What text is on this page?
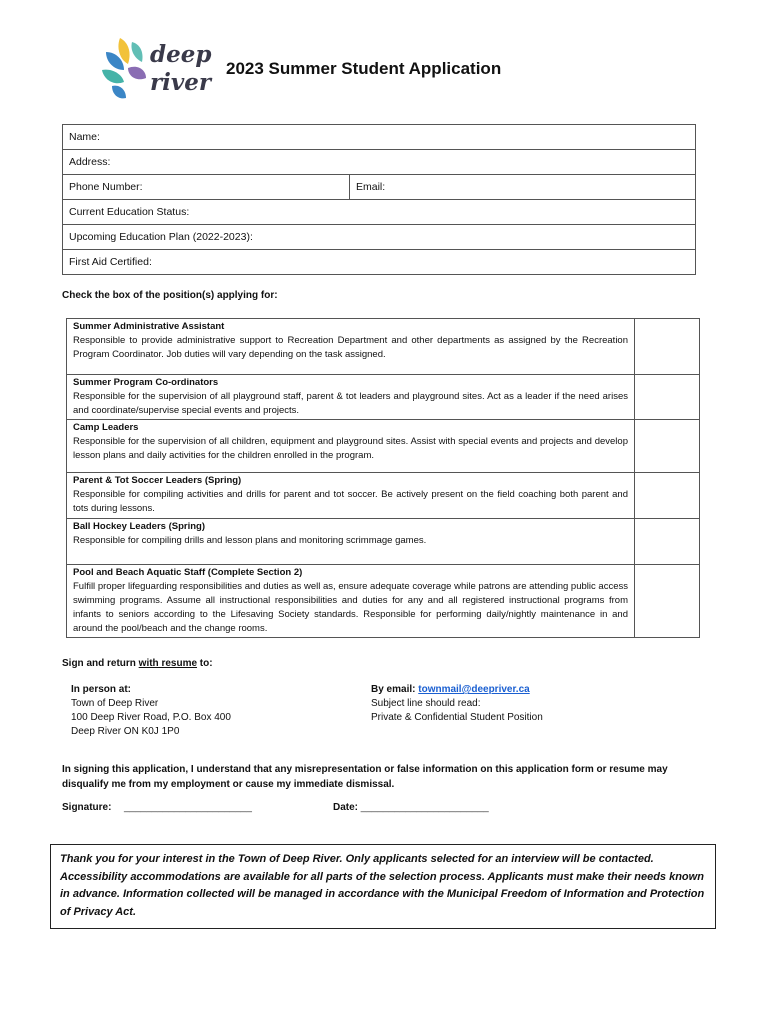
deep
river
2023 Summer Student Application
Name:
Address:
Phone Number:	Email:
Current Education Status:
Upcoming Education Plan (2022-2023):
First Aid Certified:
Check the box of the position(s) applying for:
Summer Administrative Assistant
Responsible to provide administrative support to Recreation Department and other departments as assigned by the Recreation Program Coordinator. Job duties will vary depending on the task assigned.	

Summer Program Co-ordinators
Responsible for the supervision of all playground staff, parent & tot leaders and playground sites. Act as a leader if the need arises and coordinate/supervise special events and projects.	

Camp Leaders
Responsible for the supervision of all children, equipment and playground sites. Assist with special events and projects and develop lesson plans and daily activities for the children enrolled in the program.	

Parent & Tot Soccer Leaders (Spring)
Responsible for compiling activities and drills for parent and tot soccer. Be actively present on the field coaching both parent and tots during lessons.	

Ball Hockey Leaders (Spring)
Responsible for compiling drills and lesson plans and monitoring scrimmage games.	

Pool and Beach Aquatic Staff (Complete Section 2)
Fulfill proper lifeguarding responsibilities and duties as well as, ensure adequate coverage while patrons are attending public access swimming programs. Assume all instructional responsibilities and duties for any and all registered instructional programs from infants to seniors according to the Lifesaving Society standards. Responsible for performing daily/nightly maintenance in and around the pool/beach and the change rooms.	

Sign and return with resume to:
In person at:
Town of Deep River
100 Deep River Road, P.O. Box 400
Deep River ON K0J 1P0
By email: townmail@deepriver.ca
Subject line should read:
Private & Confidential Student Position
In signing this application, I understand that any misrepresentation or false information on this application form or resume may disqualify me from my employment or cause my immediate dismissal.
Signature: _______________________	Date: _______________________
Thank you for your interest in the Town of Deep River. Only applicants selected for an interview will be contacted. Accessibility accommodations are available for all parts of the selection process. Applicants must make their needs known in advance. Information collected will be managed in accordance with the Municipal Freedom of Information and Protection of Privacy Act.
